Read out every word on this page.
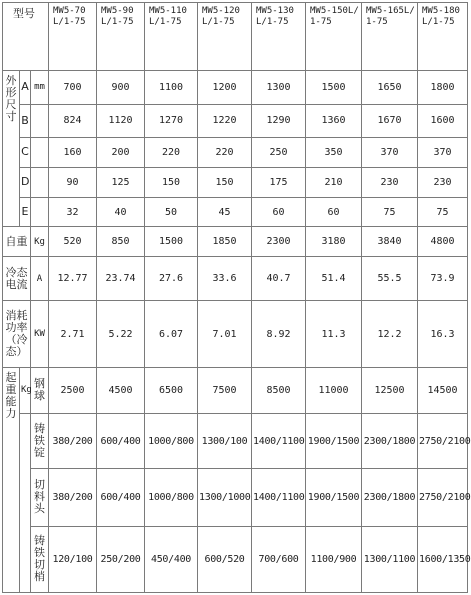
型号			MW5-70L/1-75	MW5-90L/1-75	MW5-110L/1-75	MW5-120L/1-75	MW5-130L/1-75	MW5-150L/1-75	MW5-165L/1-75	MW5-180L/1-75
外形尺寸	A	mm	700	900	1100	1200	1300	1500	1650	1800
	B		824	1120	1270	1220	1290	1360	1670	1600
	C		160	200	220	220	250	350	370	370
	D		90	125	150	150	175	210	230	230
	E		32	40	50	45	60	60	75	75
自重		Kg	520	850	1500	1850	2300	3180	3840	4800
冷态电流		A	12.77	23.74	27.6	33.6	40.7	51.4	55.5	73.9
消耗功率（冷态）		KW	2.71	5.22	6.07	7.01	8.92	11.3	12.2	16.3
起重能力	Kg	钢球	2500	4500	6500	7500	8500	11000	12500	14500
		铸铁锭	380/200	600/400	1000/800	1300/100	1400/1100	1900/1500	2300/1800	2750/2100
		切料头	380/200	600/400	1000/800	1300/1000	1400/1100	1900/1500	2300/1800	2750/2100
		铸铁切梢	120/100	250/200	450/400	600/520	700/600	1100/900	1300/1100	1600/1350
